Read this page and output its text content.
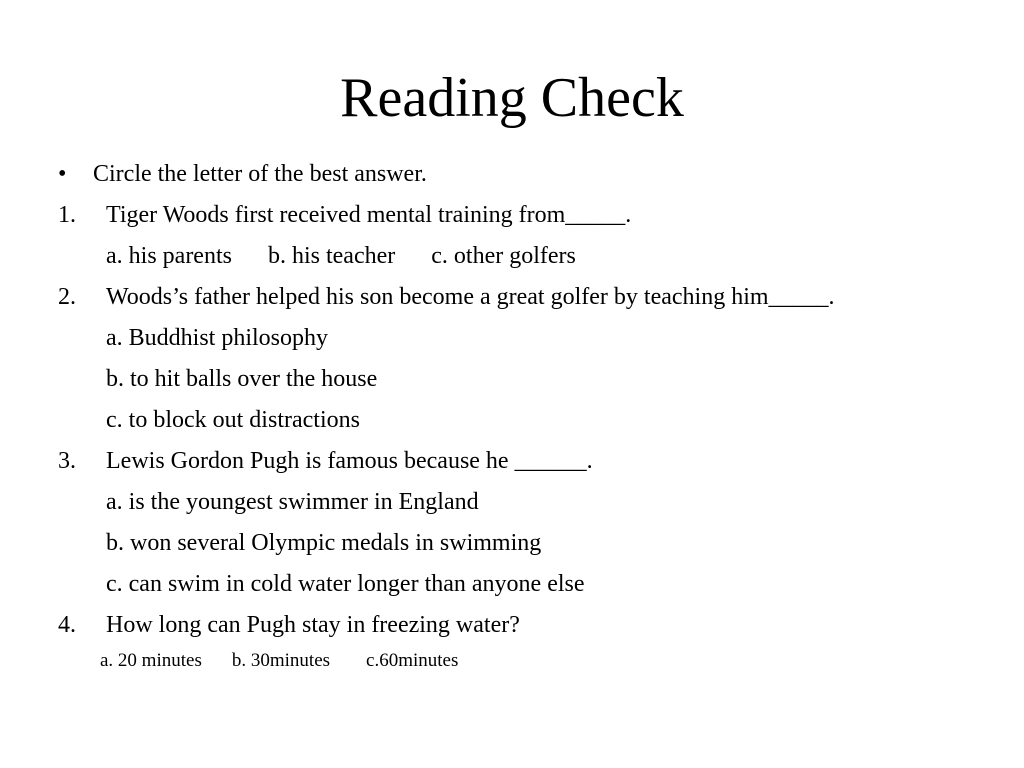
Reading Check
• Circle the letter of the best answer.
1. Tiger Woods first received mental training from_____.
a. his parents b. his teacher c. other golfers
2. Woods’s father helped his son become a great golfer by teaching him_____.
a. Buddhist philosophy
b. to hit balls over the house
c. to block out distractions
3. Lewis Gordon Pugh is famous because he ______.
a. is the youngest swimmer in England
b. won several Olympic medals in swimming
c. can swim in cold water longer than anyone else
4. How long can Pugh stay in freezing water?
a. 20 minutes b. 30minutes c.60minutes
